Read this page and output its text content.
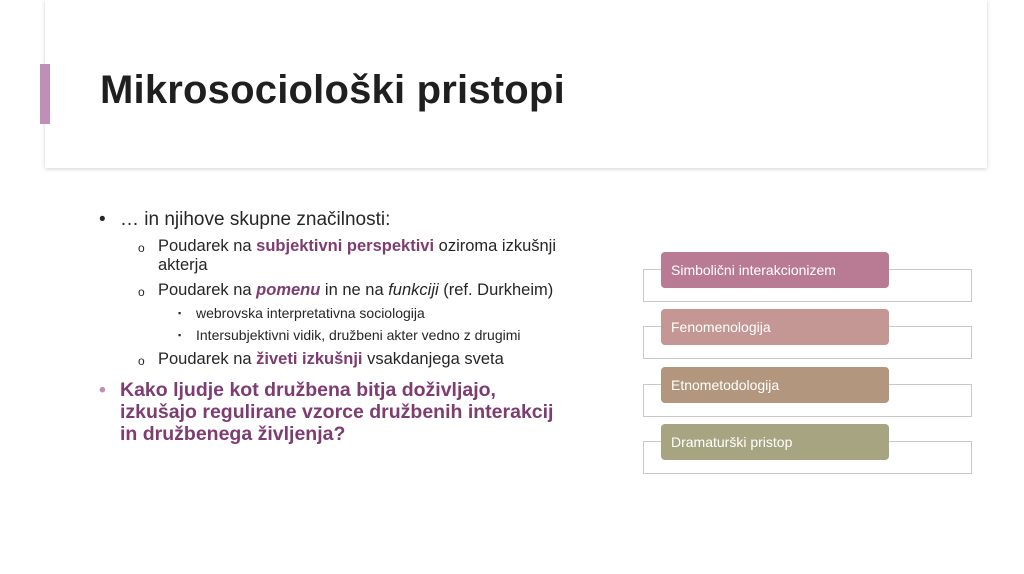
Mikrosociološki pristopi
• … in njihove skupne značilnosti:
o Poudarek na subjektivni perspektivi oziroma izkušnji akterja
o Poudarek na pomenu in ne na funkciji (ref. Durkheim)
▪ webrovska interpretativna sociologija
▪ Intersubjektivni vidik, družbeni akter vedno z drugimi
o Poudarek na živeti izkušnji vsakdanjega sveta
• Kako ljudje kot družbena bitja doživljajo, izkušajo regulirane vzorce družbenih interakcij in družbenega življenja?
Simbolični interakcionizem
Fenomenologija
Etnometodologija
Dramaturški pristop
